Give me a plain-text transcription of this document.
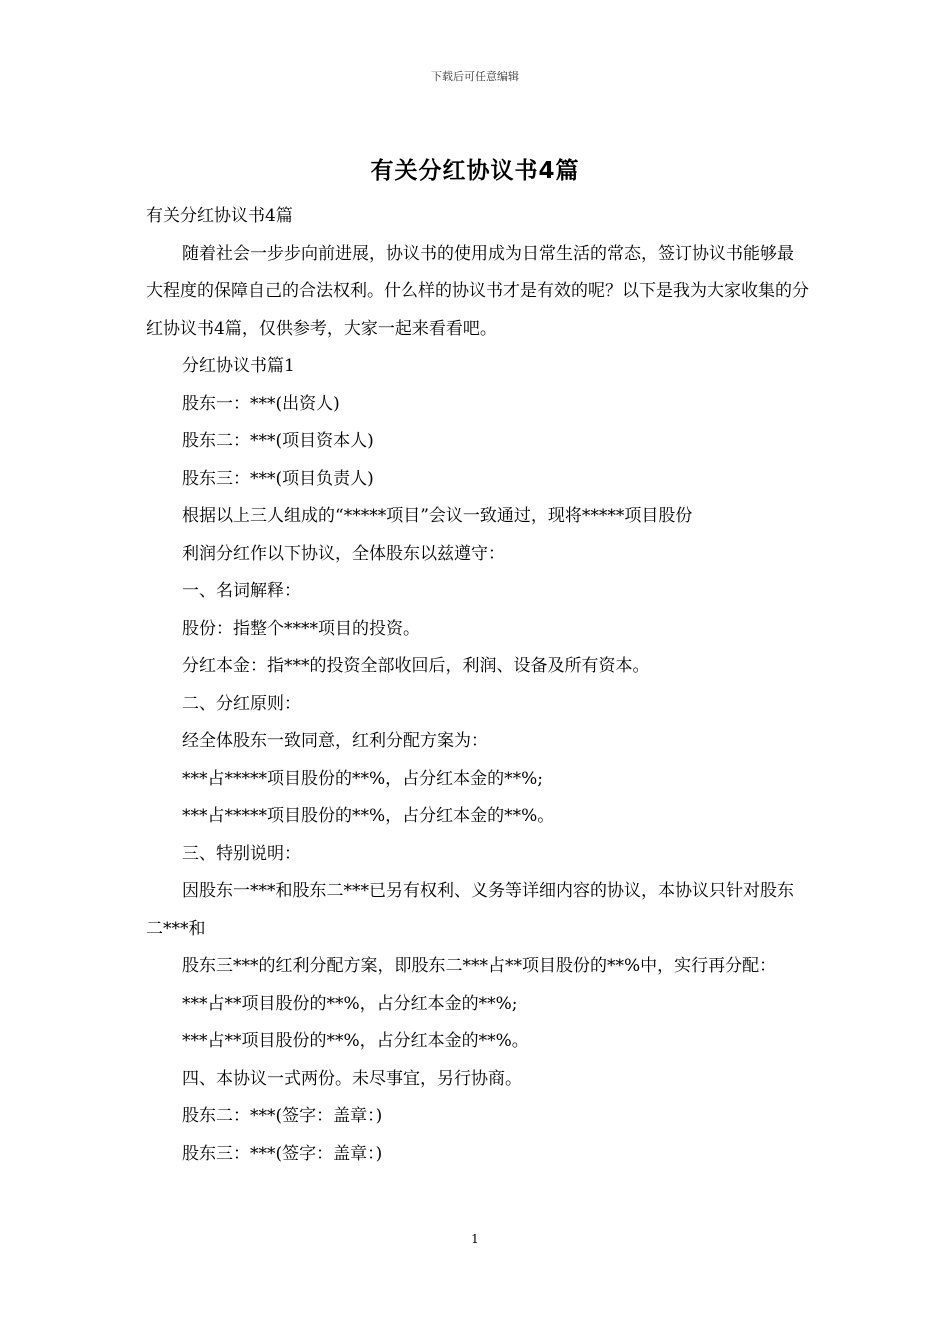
下载后可任意编辑
有关分红协议书4篇

有关分红协议书4篇

随着社会一步步向前进展，协议书的使用成为日常生活的常态，签订协议书能够最大程度的保障自己的合法权利。什么样的协议书才是有效的呢？以下是我为大家收集的分红协议书4篇，仅供参考，大家一起来看看吧。

分红协议书篇1

股东一：***(出资人)

股东二：***(项目资本人)

股东三：***(项目负责人)

根据以上三人组成的“*****项目”会议一致通过，现将*****项目股份

利润分红作以下协议，全体股东以兹遵守：

一、名词解释：

股份：指整个****项目的投资。

分红本金：指***的投资全部收回后，利润、设备及所有资本。

二、分红原则：

经全体股东一致同意，红利分配方案为：

***占*****项目股份的**%，占分红本金的**%;

***占*****项目股份的**%，占分红本金的**%。

三、特别说明：

因股东一***和股东二***已另有权利、义务等详细内容的协议，本协议只针对股东二***和

股东三***的红利分配方案，即股东二***占**项目股份的**%中，实行再分配：

***占**项目股份的**%，占分红本金的**%;

***占**项目股份的**%，占分红本金的**%。

四、本协议一式两份。未尽事宜，另行协商。

股东二：***(签字：盖章：)

股东三：***(签字：盖章：)

1
